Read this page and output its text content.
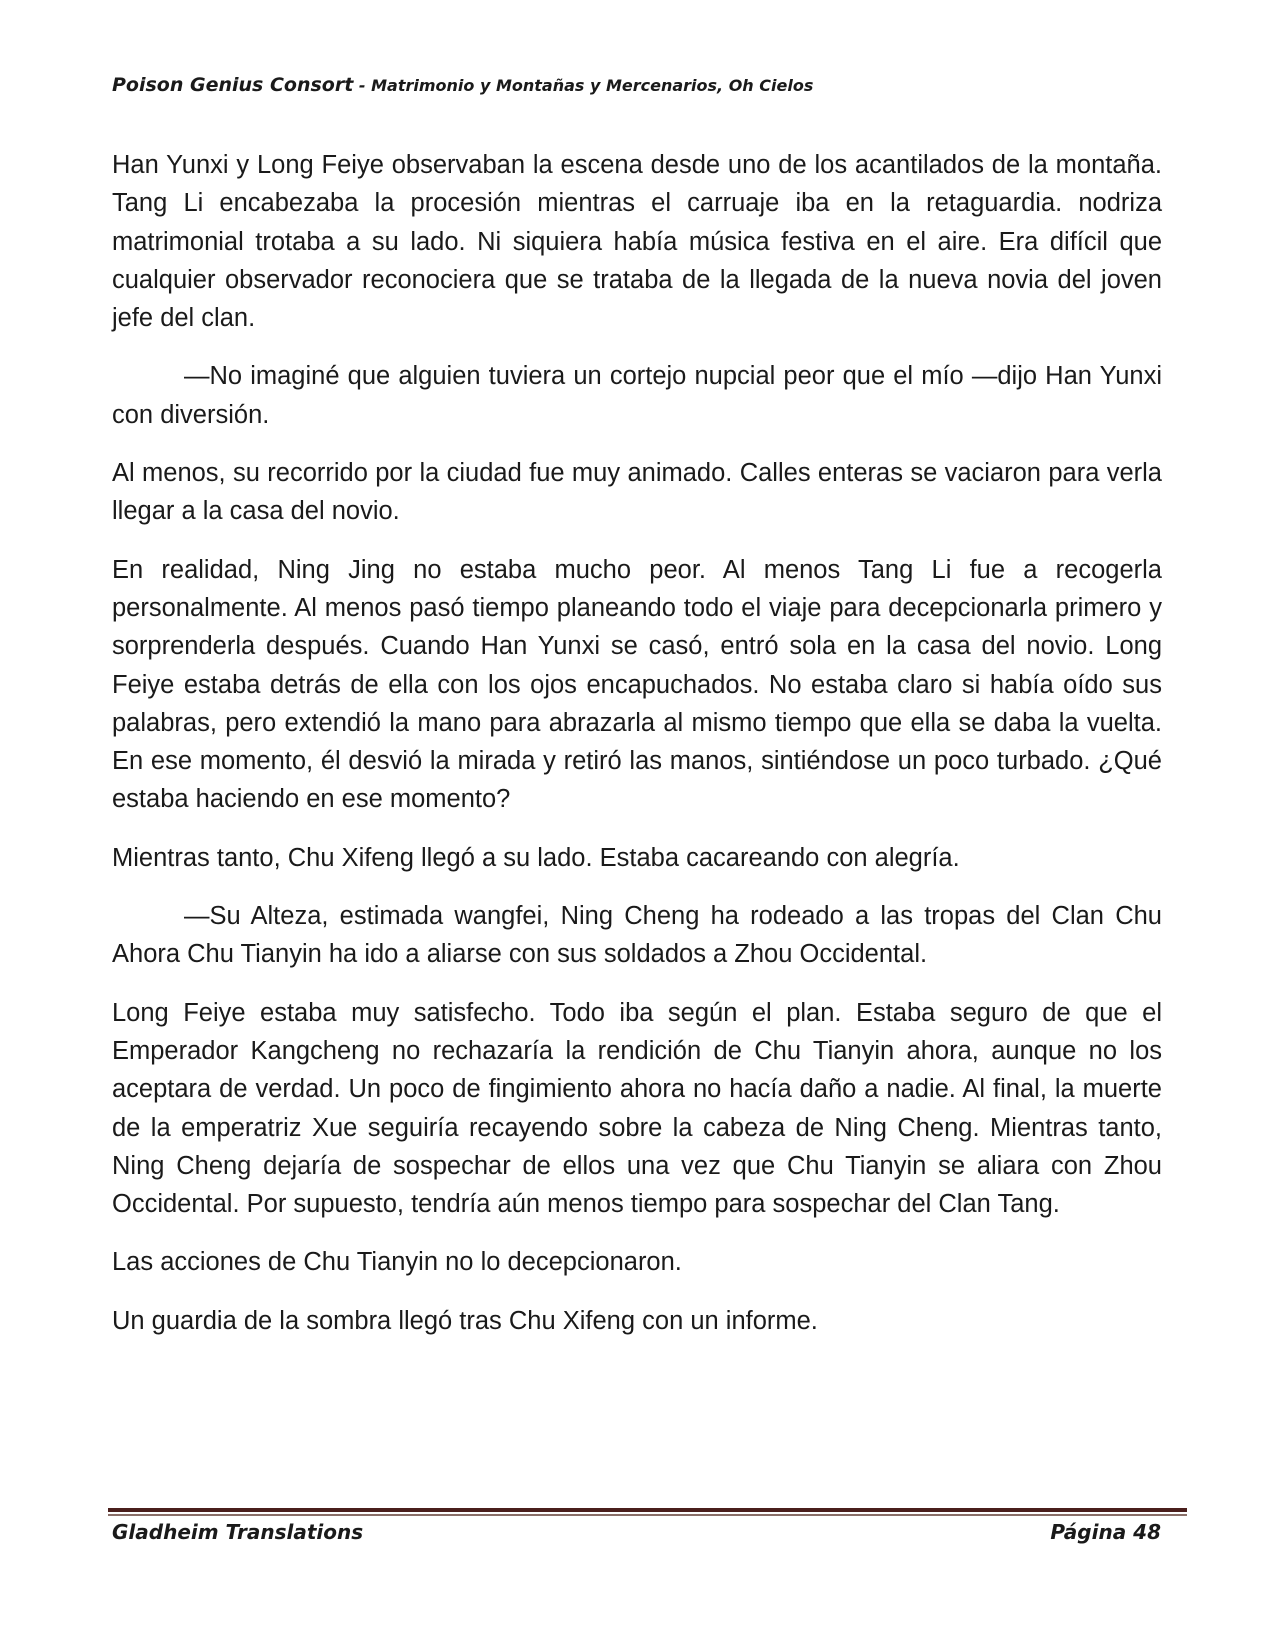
Poison Genius Consort - Matrimonio y Montañas y Mercenarios, Oh Cielos

Han Yunxi y Long Feiye observaban la escena desde uno de los acantilados de la montaña. Tang Li encabezaba la procesión mientras el carruaje iba en la retaguardia. nodriza matrimonial trotaba a su lado. Ni siquiera había música festiva en el aire. Era difícil que cualquier observador reconociera que se trataba de la llegada de la nueva novia del joven jefe del clan.

—No imaginé que alguien tuviera un cortejo nupcial peor que el mío —dijo Han Yunxi con diversión.

Al menos, su recorrido por la ciudad fue muy animado. Calles enteras se vaciaron para verla llegar a la casa del novio.

En realidad, Ning Jing no estaba mucho peor. Al menos Tang Li fue a recogerla personalmente. Al menos pasó tiempo planeando todo el viaje para decepcionarla primero y sorprenderla después. Cuando Han Yunxi se casó, entró sola en la casa del novio. Long Feiye estaba detrás de ella con los ojos encapuchados. No estaba claro si había oído sus palabras, pero extendió la mano para abrazarla al mismo tiempo que ella se daba la vuelta. En ese momento, él desvió la mirada y retiró las manos, sintiéndose un poco turbado. ¿Qué estaba haciendo en ese momento?

Mientras tanto, Chu Xifeng llegó a su lado. Estaba cacareando con alegría.

—Su Alteza, estimada wangfei, Ning Cheng ha rodeado a las tropas del Clan Chu Ahora Chu Tianyin ha ido a aliarse con sus soldados a Zhou Occidental.

Long Feiye estaba muy satisfecho. Todo iba según el plan. Estaba seguro de que el Emperador Kangcheng no rechazaría la rendición de Chu Tianyin ahora, aunque no los aceptara de verdad. Un poco de fingimiento ahora no hacía daño a nadie. Al final, la muerte de la emperatriz Xue seguiría recayendo sobre la cabeza de Ning Cheng. Mientras tanto, Ning Cheng dejaría de sospechar de ellos una vez que Chu Tianyin se aliara con Zhou Occidental. Por supuesto, tendría aún menos tiempo para sospechar del Clan Tang.

Las acciones de Chu Tianyin no lo decepcionaron.

Un guardia de la sombra llegó tras Chu Xifeng con un informe.

Gladheim Translations	Página 48
